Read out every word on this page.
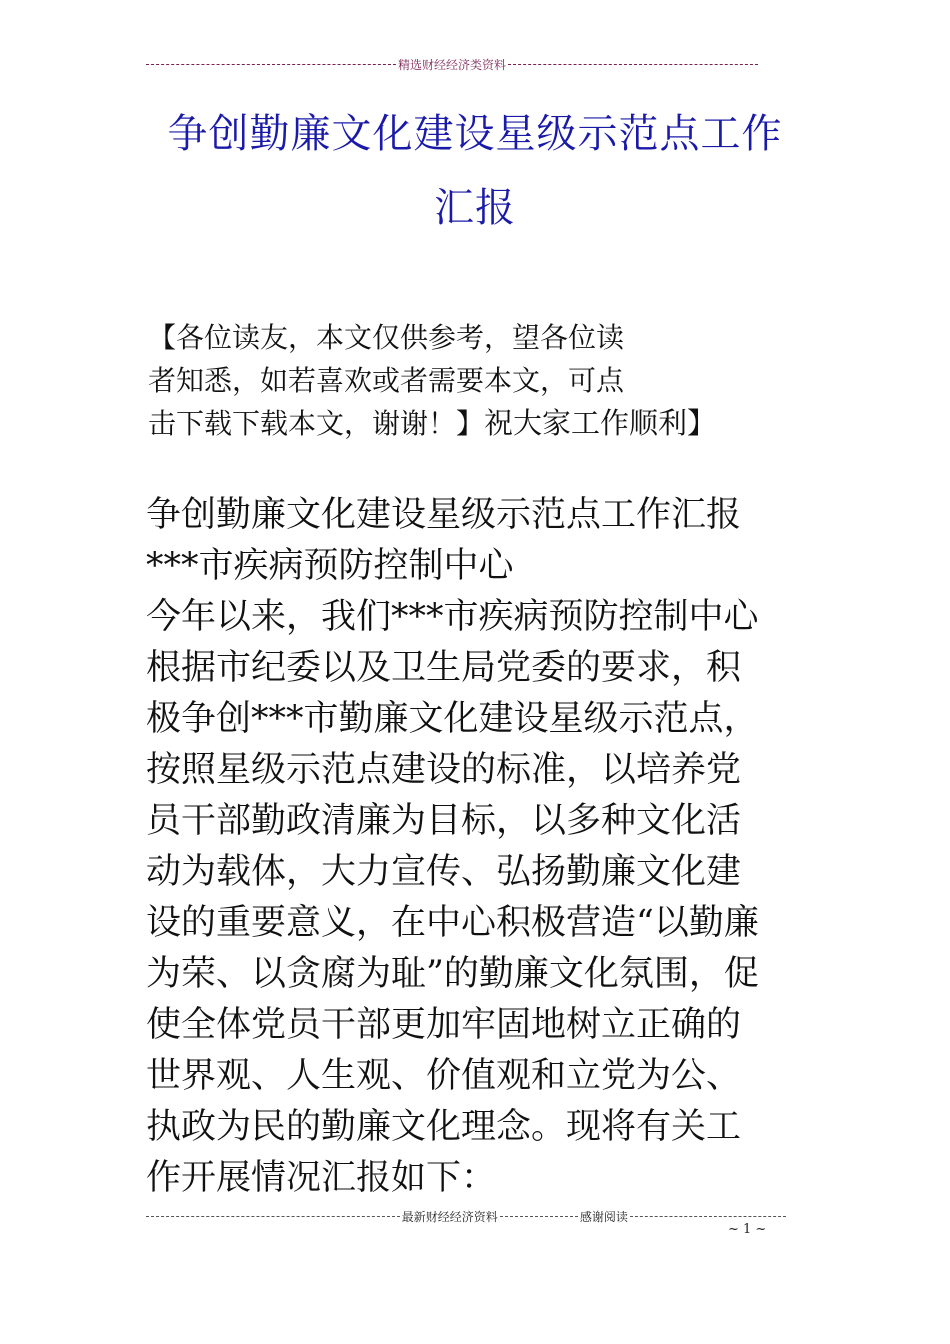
精选财经经济类资料
争创勤廉文化建设星级示范点工作
汇报
【各位读友，本文仅供参考，望各位读
者知悉，如若喜欢或者需要本文，可点
击下载下载本文，谢谢！】祝大家工作顺利】
争创勤廉文化建设星级示范点工作汇报
***市疾病预防控制中心
今年以来，我们***市疾病预防控制中心
根据市纪委以及卫生局党委的要求，积
极争创***市勤廉文化建设星级示范点，
按照星级示范点建设的标准，以培养党
员干部勤政清廉为目标，以多种文化活
动为载体，大力宣传、弘扬勤廉文化建
设的重要意义，在中心积极营造“以勤廉
为荣、以贪腐为耻”的勤廉文化氛围，促
使全体党员干部更加牢固地树立正确的
世界观、人生观、价值观和立党为公、
执政为民的勤廉文化理念。现将有关工
作开展情况汇报如下：
最新财经经济资料	感谢阅读
~ 1 ~
